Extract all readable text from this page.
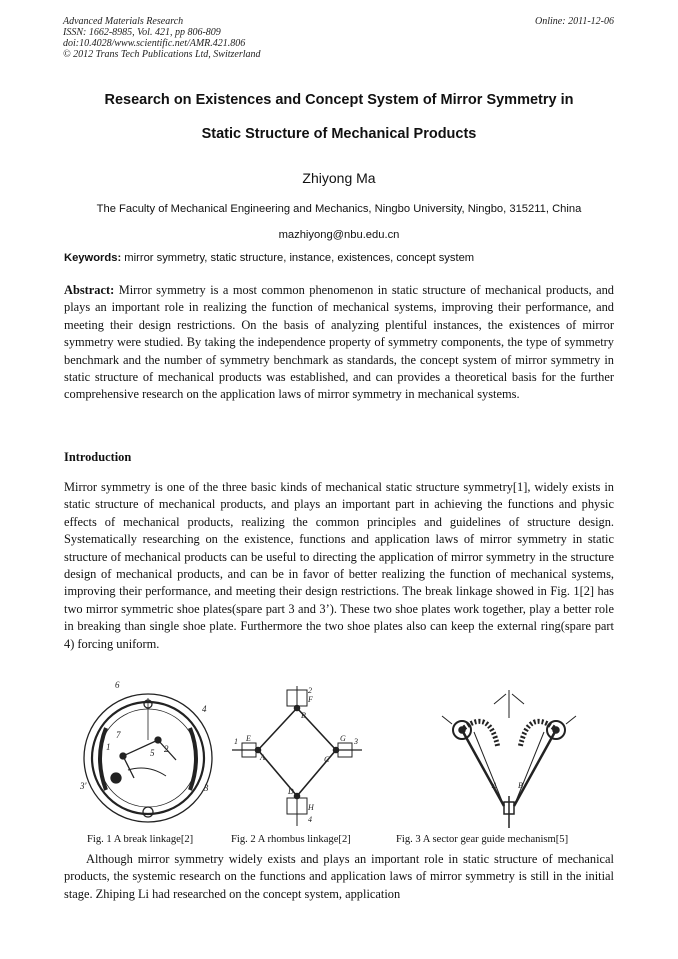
Advanced Materials Research
ISSN: 1662-8985, Vol. 421, pp 806-809
doi:10.4028/www.scientific.net/AMR.421.806
© 2012 Trans Tech Publications Ltd, Switzerland
Online: 2011-12-06
Research on Existences and Concept System of Mirror Symmetry in
Static Structure of Mechanical Products
Zhiyong Ma
The Faculty of Mechanical Engineering and Mechanics, Ningbo University, Ningbo, 315211, China
mazhiyong@nbu.edu.cn
Keywords: mirror symmetry, static structure, instance, existences, concept system
Abstract: Mirror symmetry is a most common phenomenon in static structure of mechanical products, and plays an important role in realizing the function of mechanical systems, improving their performance, and meeting their design restrictions. On the basis of analyzing plentiful instances, the existences of mirror symmetry were studied. By taking the independence property of symmetry components, the type of symmetry benchmark and the number of symmetry benchmark as standards, the concept system of mirror symmetry in static structure of mechanical products was established, and can provides a theoretical basis for the further comprehensive research on the application laws of mirror symmetry in mechanical systems.
Introduction
Mirror symmetry is one of the three basic kinds of mechanical static structure symmetry[1], widely exists in static structure of mechanical products, and plays an important part in achieving the functions and physic effects of mechanical products, realizing the common principles and guidelines of structure design. Systematically researching on the existence, functions and application laws of mirror symmetry in static structure of mechanical products can be useful to directing the application of mirror symmetry in the structure design of mechanical products, and can be in favor of better realizing the function of mechanical systems, improving their performance, and meeting their design restrictions. The break linkage showed in Fig. 1[2] has two mirror symmetric shoe plates(spare part 3 and 3’). These two shoe plates work together, play a better role in breaking than single shoe plate. Furthermore the two shoe plates also can keep the external ring(spare part 4) forcing uniform.
6
4
7
1	2
5
3'	3
1 E
A	C
G 3
B
F
2
D
H
4
A	B
Fig. 1 A break linkage[2]	Fig. 2 A rhombus linkage[2]	Fig. 3 A sector gear guide mechanism[5]
Although mirror symmetry widely exists and plays an important role in static structure of mechanical products, the systemic research on the functions and application laws of mirror symmetry is still in the initial stage. Zhiping Li had researched on the concept system, application
